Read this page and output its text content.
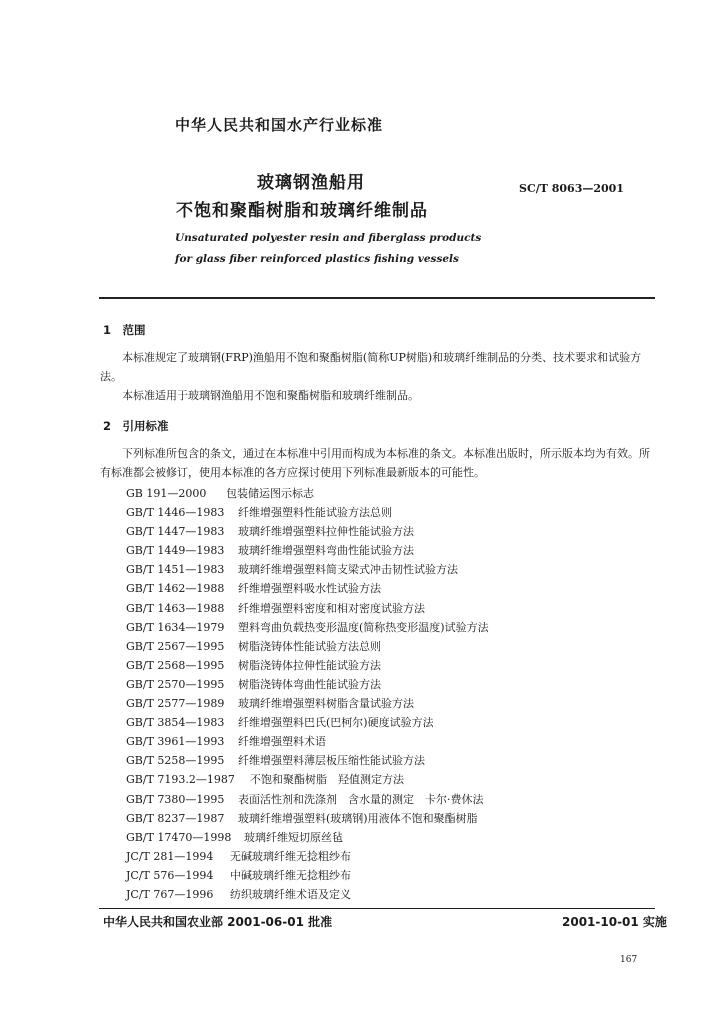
中华人民共和国水产行业标准
玻璃钢渔船用
不饱和聚酯树脂和玻璃纤维制品
SC/T 8063—2001
Unsaturated polyester resin and fiberglass products
for glass fiber reinforced plastics fishing vessels
1　范围
本标准规定了玻璃钢(FRP)渔船用不饱和聚酯树脂(简称UP树脂)和玻璃纤维制品的分类、技术要求和试验方法。
本标准适用于玻璃钢渔船用不饱和聚酯树脂和玻璃纤维制品。
2　引用标准
下列标准所包含的条文，通过在本标准中引用而构成为本标准的条文。本标准出版时，所示版本均为有效。所有标准都会被修订，使用本标准的各方应探讨使用下列标准最新版本的可能性。
GB 191—2000 包装储运图示标志
GB/T 1446—1983 纤维增强塑料性能试验方法总则
GB/T 1447—1983 玻璃纤维增强塑料拉伸性能试验方法
GB/T 1449—1983 玻璃纤维增强塑料弯曲性能试验方法
GB/T 1451—1983 玻璃纤维增强塑料简支梁式冲击韧性试验方法
GB/T 1462—1988 纤维增强塑料吸水性试验方法
GB/T 1463—1988 纤维增强塑料密度和相对密度试验方法
GB/T 1634—1979 塑料弯曲负载热变形温度(简称热变形温度)试验方法
GB/T 2567—1995 树脂浇铸体性能试验方法总则
GB/T 2568—1995 树脂浇铸体拉伸性能试验方法
GB/T 2570—1995 树脂浇铸体弯曲性能试验方法
GB/T 2577—1989 玻璃纤维增强塑料树脂含量试验方法
GB/T 3854—1983 纤维增强塑料巴氏(巴柯尔)硬度试验方法
GB/T 3961—1993 纤维增强塑料术语
GB/T 5258—1995 纤维增强塑料薄层板压缩性能试验方法
GB/T 7193.2—1987 不饱和聚酯树脂　羟值测定方法
GB/T 7380—1995 表面活性剂和洗涤剂　含水量的测定　卡尔·费休法
GB/T 8237—1987 玻璃纤维增强塑料(玻璃钢)用液体不饱和聚酯树脂
GB/T 17470—1998 玻璃纤维短切原丝毡
JC/T 281—1994 无碱玻璃纤维无捻粗纱布
JC/T 576—1994 中碱玻璃纤维无捻粗纱布
JC/T 767—1996 纺织玻璃纤维术语及定义
中华人民共和国农业部 2001-06-01 批准	2001-10-01 实施
167
